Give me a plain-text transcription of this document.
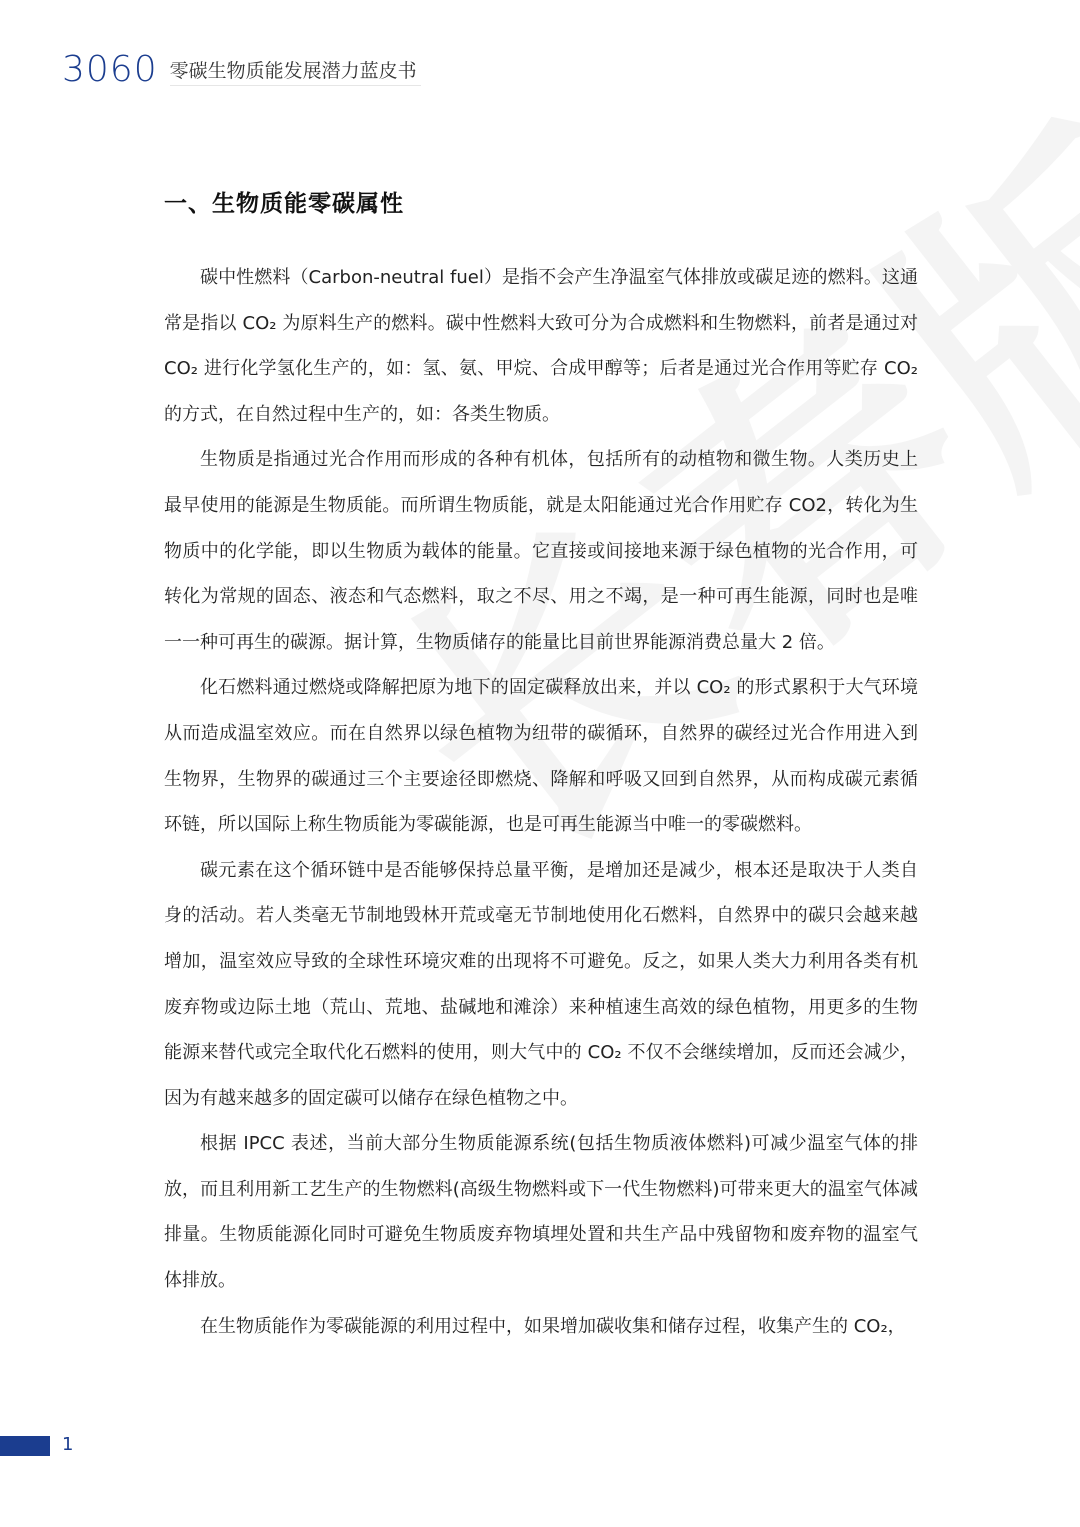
3060 零碳生物质能发展潜力蓝皮书
一、生物质能零碳属性

碳中性燃料（Carbon-neutral fuel）是指不会产生净温室气体排放或碳足迹的燃料。这通常是指以 CO₂ 为原料生产的燃料。碳中性燃料大致可分为合成燃料和生物燃料，前者是通过对 CO₂ 进行化学氢化生产的，如：氢、氨、甲烷、合成甲醇等；后者是通过光合作用等贮存 CO₂ 的方式，在自然过程中生产的，如：各类生物质。

生物质是指通过光合作用而形成的各种有机体，包括所有的动植物和微生物。人类历史上最早使用的能源是生物质能。而所谓生物质能，就是太阳能通过光合作用贮存 CO2，转化为生物质中的化学能，即以生物质为载体的能量。它直接或间接地来源于绿色植物的光合作用，可转化为常规的固态、液态和气态燃料，取之不尽、用之不竭，是一种可再生能源，同时也是唯一一种可再生的碳源。据计算，生物质储存的能量比目前世界能源消费总量大 2 倍。

化石燃料通过燃烧或降解把原为地下的固定碳释放出来，并以 CO₂ 的形式累积于大气环境从而造成温室效应。而在自然界以绿色植物为纽带的碳循环，自然界的碳经过光合作用进入到生物界，生物界的碳通过三个主要途径即燃烧、降解和呼吸又回到自然界，从而构成碳元素循环链，所以国际上称生物质能为零碳能源，也是可再生能源当中唯一的零碳燃料。

碳元素在这个循环链中是否能够保持总量平衡，是增加还是减少，根本还是取决于人类自身的活动。若人类毫无节制地毁林开荒或毫无节制地使用化石燃料，自然界中的碳只会越来越增加，温室效应导致的全球性环境灾难的出现将不可避免。反之，如果人类大力利用各类有机废弃物或边际土地（荒山、荒地、盐碱地和滩涂）来种植速生高效的绿色植物，用更多的生物能源来替代或完全取代化石燃料的使用，则大气中的 CO₂ 不仅不会继续增加，反而还会减少，因为有越来越多的固定碳可以储存在绿色植物之中。

根据 IPCC 表述，当前大部分生物质能源系统(包括生物质液体燃料)可减少温室气体的排放，而且利用新工艺生产的生物燃料(高级生物燃料或下一代生物燃料)可带来更大的温室气体减排量。生物质能源化同时可避免生物质废弃物填埋处置和共生产品中残留物和废弃物的温室气体排放。

在生物质能作为零碳能源的利用过程中，如果增加碳收集和储存过程，收集产生的 CO₂，

1
